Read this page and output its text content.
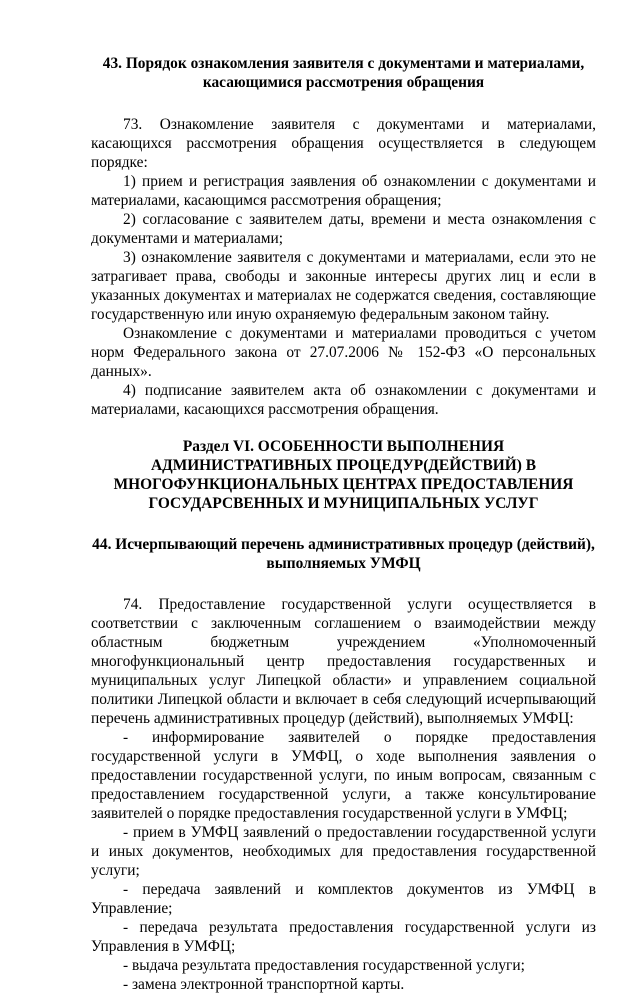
43. Порядок ознакомления заявителя с документами и материалами, касающимися рассмотрения обращения

73. Ознакомление заявителя с документами и материалами, касающихся рассмотрения обращения осуществляется в следующем порядке:

1) прием и регистрация заявления об ознакомлении с документами и материалами, касающимся рассмотрения обращения;

2) согласование с заявителем даты, времени и места ознакомления с документами и материалами;

3) ознакомление заявителя с документами и материалами, если это не затрагивает права, свободы и законные интересы других лиц и если в указанных документах и материалах не содержатся сведения, составляющие государственную или иную охраняемую федеральным законом тайну.

Ознакомление с документами и материалами проводиться с учетом норм Федерального закона от 27.07.2006 № 152-ФЗ «О персональных данных».

4) подписание заявителем акта об ознакомлении с документами и материалами, касающихся рассмотрения обращения.

Раздел VI. ОСОБЕННОСТИ ВЫПОЛНЕНИЯ
АДМИНИСТРАТИВНЫХ ПРОЦЕДУР(ДЕЙСТВИЙ) В
МНОГОФУНКЦИОНАЛЬНЫХ ЦЕНТРАХ ПРЕДОСТАВЛЕНИЯ
ГОСУДАРСВЕННЫХ И МУНИЦИПАЛЬНЫХ УСЛУГ

44. Исчерпывающий перечень административных процедур (действий), выполняемых УМФЦ

74. Предоставление государственной услуги осуществляется в соответствии с заключенным соглашением о взаимодействии между областным бюджетным учреждением «Уполномоченный многофункциональный центр предоставления государственных и муниципальных услуг Липецкой области» и управлением социальной политики Липецкой области и включает в себя следующий исчерпывающий перечень административных процедур (действий), выполняемых УМФЦ:

- информирование заявителей о порядке предоставления государственной услуги в УМФЦ, о ходе выполнения заявления о предоставлении государственной услуги, по иным вопросам, связанным с предоставлением государственной услуги, а также консультирование заявителей о порядке предоставления государственной услуги в УМФЦ;

- прием в УМФЦ заявлений о предоставлении государственной услуги и иных документов, необходимых для предоставления государственной услуги;

- передача заявлений и комплектов документов из УМФЦ в Управление;

- передача результата предоставления государственной услуги из Управления в УМФЦ;

- выдача результата предоставления государственной услуги;

- замена электронной транспортной карты.
